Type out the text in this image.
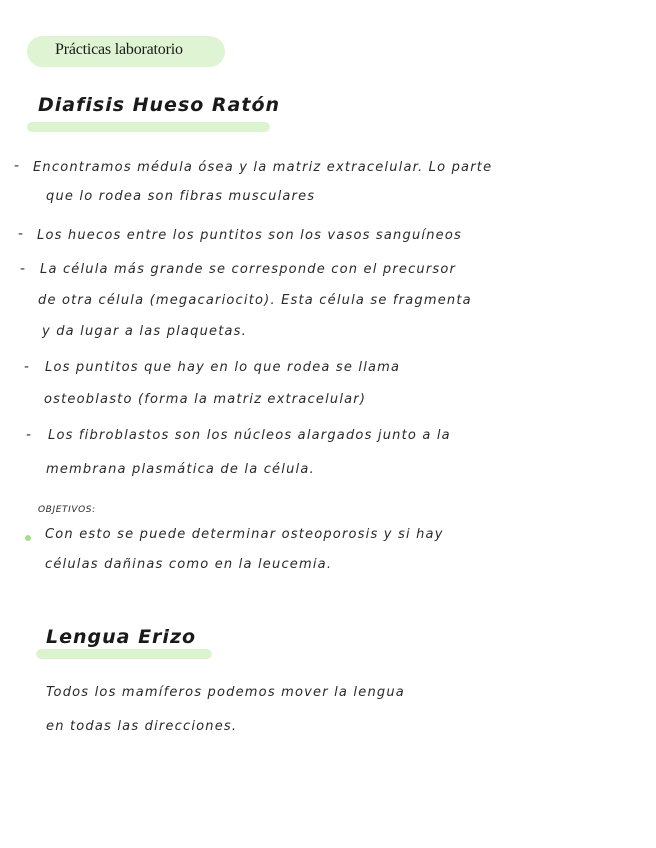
Prácticas laboratorio
Diafisis Hueso Ratón
- Encontramos médula ósea y la matriz extracelular. Lo parte
que lo rodea son fibras musculares
- Los huecos entre los puntitos son los vasos sanguíneos
- La célula más grande se corresponde con el precursor
de otra célula (megacariocito). Esta célula se fragmenta
y da lugar a las plaquetas.
- Los puntitos que hay en lo que rodea se llama
osteoblasto (forma la matriz extracelular)
- Los fibroblastos son los núcleos alargados junto a la
membrana plasmática de la célula.
OBJETIVOS:
Con esto se puede determinar osteoporosis y si hay
células dañinas como en la leucemia.
Lengua Erizo
Todos los mamíferos podemos mover la lengua
en todas las direcciones.
